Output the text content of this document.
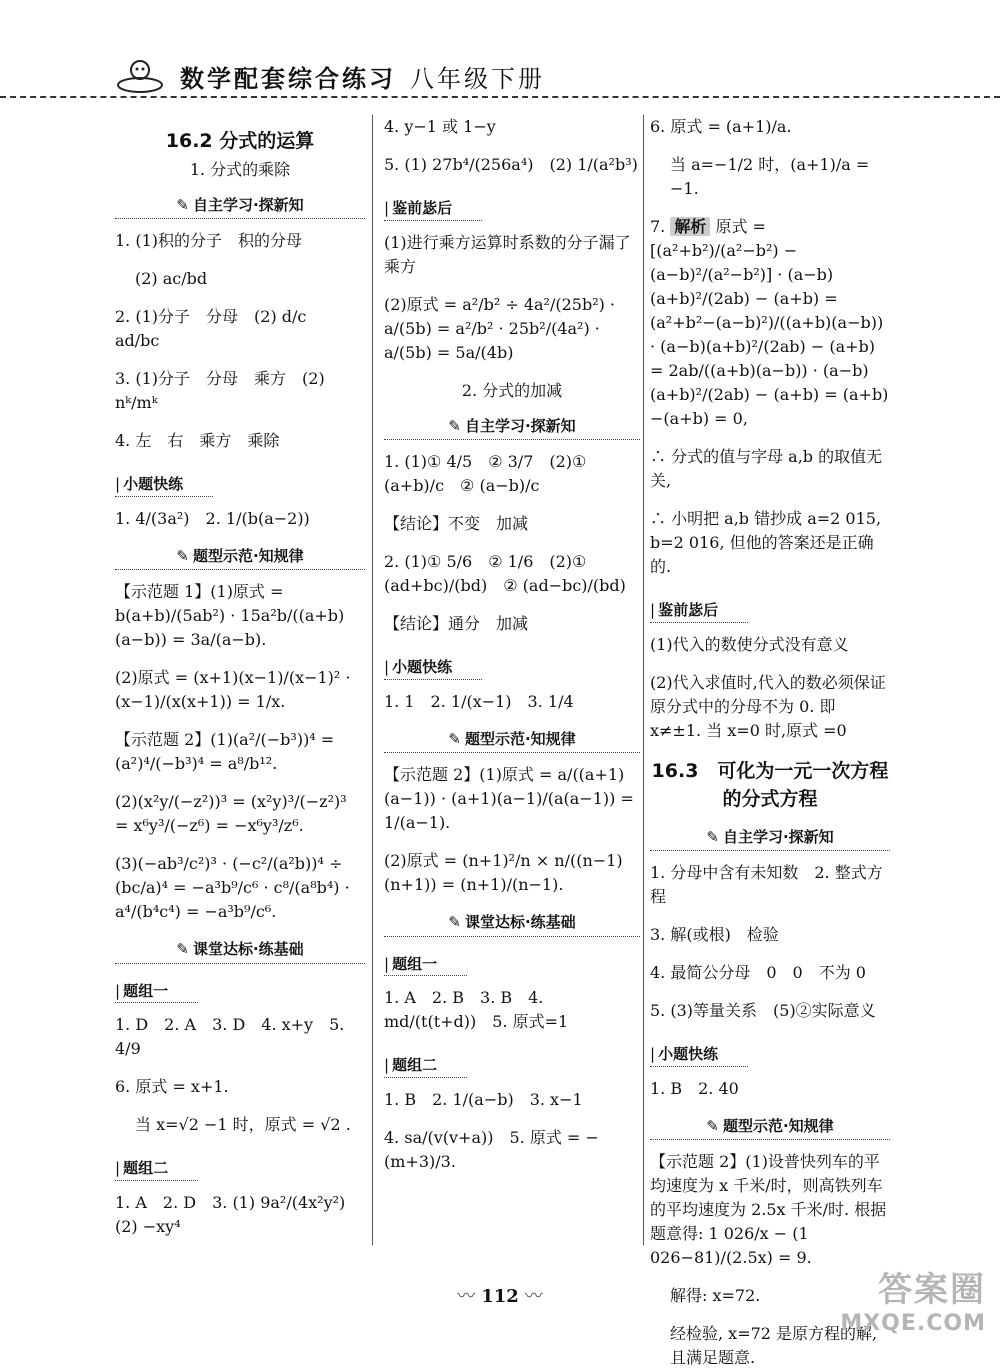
数学配套综合练习 八年级下册
16.2 分式的运算
1. 分式的乘除
✎ 自主学习·探新知
1. (1)积的分子　积的分母
(2) ac/bd
2. (1)分子　分母　(2) d/c　ad/bc
3. (1)分子　分母　乘方　(2) nᵏ/mᵏ
4. 左　右　乘方　乘除
| 小题快练
1. 4/(3a²)　2. 1/(b(a−2))
✎ 题型示范·知规律
【示范题 1】(1)原式 = b(a+b)/(5ab²) · 15a²b/((a+b)(a−b)) = 3a/(a−b).
(2)原式 = (x+1)(x−1)/(x−1)² · (x−1)/(x(x+1)) = 1/x.
【示范题 2】(1)(a²/(−b³))⁴ = (a²)⁴/(−b³)⁴ = a⁸/b¹².
(2)(x²y/(−z²))³ = (x²y)³/(−z²)³ = x⁶y³/(−z⁶) = −x⁶y³/z⁶.
(3)(−ab³/c²)³ · (−c²/(a²b))⁴ ÷ (bc/a)⁴ = −a³b⁹/c⁶ · c⁸/(a⁸b⁴) · a⁴/(b⁴c⁴) = −a³b⁹/c⁶.
✎ 课堂达标·练基础
| 题组一
1. D　2. A　3. D　4. x+y　5. 4/9
6. 原式 = x+1.
当 x=√2 −1 时，原式 = √2 .
| 题组二
1. A　2. D　3. (1) 9a²/(4x²y²)　(2) −xy⁴
4. y−1 或 1−y
5. (1) 27b⁴/(256a⁴)　(2) 1/(a²b³)
| 鉴前毖后
(1)进行乘方运算时系数的分子漏了乘方
(2)原式 = a²/b² ÷ 4a²/(25b²) · a/(5b) = a²/b² · 25b²/(4a²) · a/(5b) = 5a/(4b)
2. 分式的加减
✎ 自主学习·探新知
1. (1)① 4/5　② 3/7　(2)① (a+b)/c　② (a−b)/c
【结论】不变　加减
2. (1)① 5/6　② 1/6　(2)① (ad+bc)/(bd)　② (ad−bc)/(bd)
【结论】通分　加减
| 小题快练
1. 1　2. 1/(x−1)　3. 1/4
✎ 题型示范·知规律
【示范题 2】(1)原式 = a/((a+1)(a−1)) · (a+1)(a−1)/(a(a−1)) = 1/(a−1).
(2)原式 = (n+1)²/n × n/((n−1)(n+1)) = (n+1)/(n−1).
✎ 课堂达标·练基础
| 题组一
1. A　2. B　3. B　4. md/(t(t+d))　5. 原式=1
| 题组二
1. B　2. 1/(a−b)　3. x−1
4. sa/(v(v+a))　5. 原式 = −(m+3)/3.
6. 原式 = (a+1)/a.
当 a=−1/2 时，(a+1)/a = −1.
7. 解析 原式 = [(a²+b²)/(a²−b²) − (a−b)²/(a²−b²)] · (a−b)(a+b)²/(2ab) − (a+b) = (a²+b²−(a−b)²)/((a+b)(a−b)) · (a−b)(a+b)²/(2ab) − (a+b) = 2ab/((a+b)(a−b)) · (a−b)(a+b)²/(2ab) − (a+b) = (a+b)−(a+b) = 0,
∴ 分式的值与字母 a,b 的取值无关,
∴ 小明把 a,b 错抄成 a=2 015, b=2 016, 但他的答案还是正确的.
| 鉴前毖后
(1)代入的数使分式没有意义
(2)代入求值时,代入的数必须保证原分式中的分母不为 0. 即 x≠±1. 当 x=0 时,原式 =0
16.3　可化为一元一次方程的分式方程
✎ 自主学习·探新知
1. 分母中含有未知数　2. 整式方程
3. 解(或根)　检验
4. 最简公分母　0　0　不为 0
5. (3)等量关系　(5)②实际意义
| 小题快练
1. B　2. 40
✎ 题型示范·知规律
【示范题 2】(1)设普快列车的平均速度为 x 千米/时，则高铁列车的平均速度为 2.5x 千米/时. 根据题意得: 1 026/x − (1 026−81)/(2.5x) = 9.
解得: x=72.
经检验, x=72 是原方程的解,且满足题意.
〰 112 〰	答案圈
MXQE.COM
